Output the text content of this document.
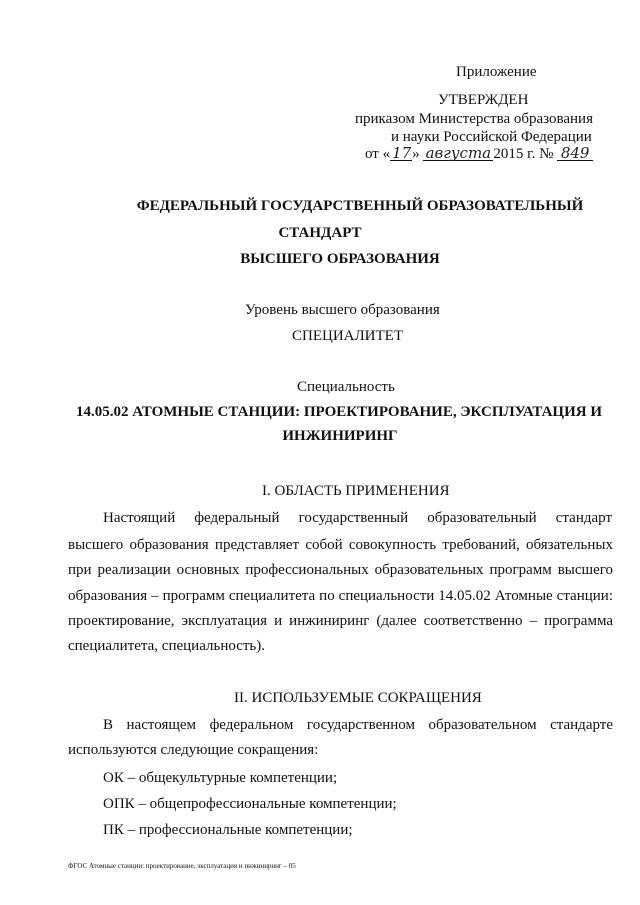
Приложение
УТВЕРЖДЕН
приказом Министерства образования
и науки Российской Федерации
от « 17» августа 2015 г. № 849
ФЕДЕРАЛЬНЫЙ ГОСУДАРСТВЕННЫЙ ОБРАЗОВАТЕЛЬНЫЙ
СТАНДАРТ
ВЫСШЕГО ОБРАЗОВАНИЯ
Уровень высшего образования
СПЕЦИАЛИТЕТ
Специальность
14.05.02 АТОМНЫЕ СТАНЦИИ: ПРОЕКТИРОВАНИЕ, ЭКСПЛУАТАЦИЯ И
ИНЖИНИРИНГ
I. ОБЛАСТЬ ПРИМЕНЕНИЯ
Настоящий федеральный государственный образовательный стандарт
высшего образования представляет собой совокупность требований, обязательных
при реализации основных профессиональных образовательных программ высшего
образования – программ специалитета по специальности 14.05.02 Атомные станции:
проектирование, эксплуатация и инжиниринг (далее соответственно – программа
специалитета, специальность).
II. ИСПОЛЬЗУЕМЫЕ СОКРАЩЕНИЯ
В настоящем федеральном государственном образовательном стандарте
используются следующие сокращения:
ОК – общекультурные компетенции;
ОПК – общепрофессиональные компетенции;
ПК – профессиональные компетенции;
ФГОС Атомные станции: проектирование, эксплуатация и инжиниринг – 05
